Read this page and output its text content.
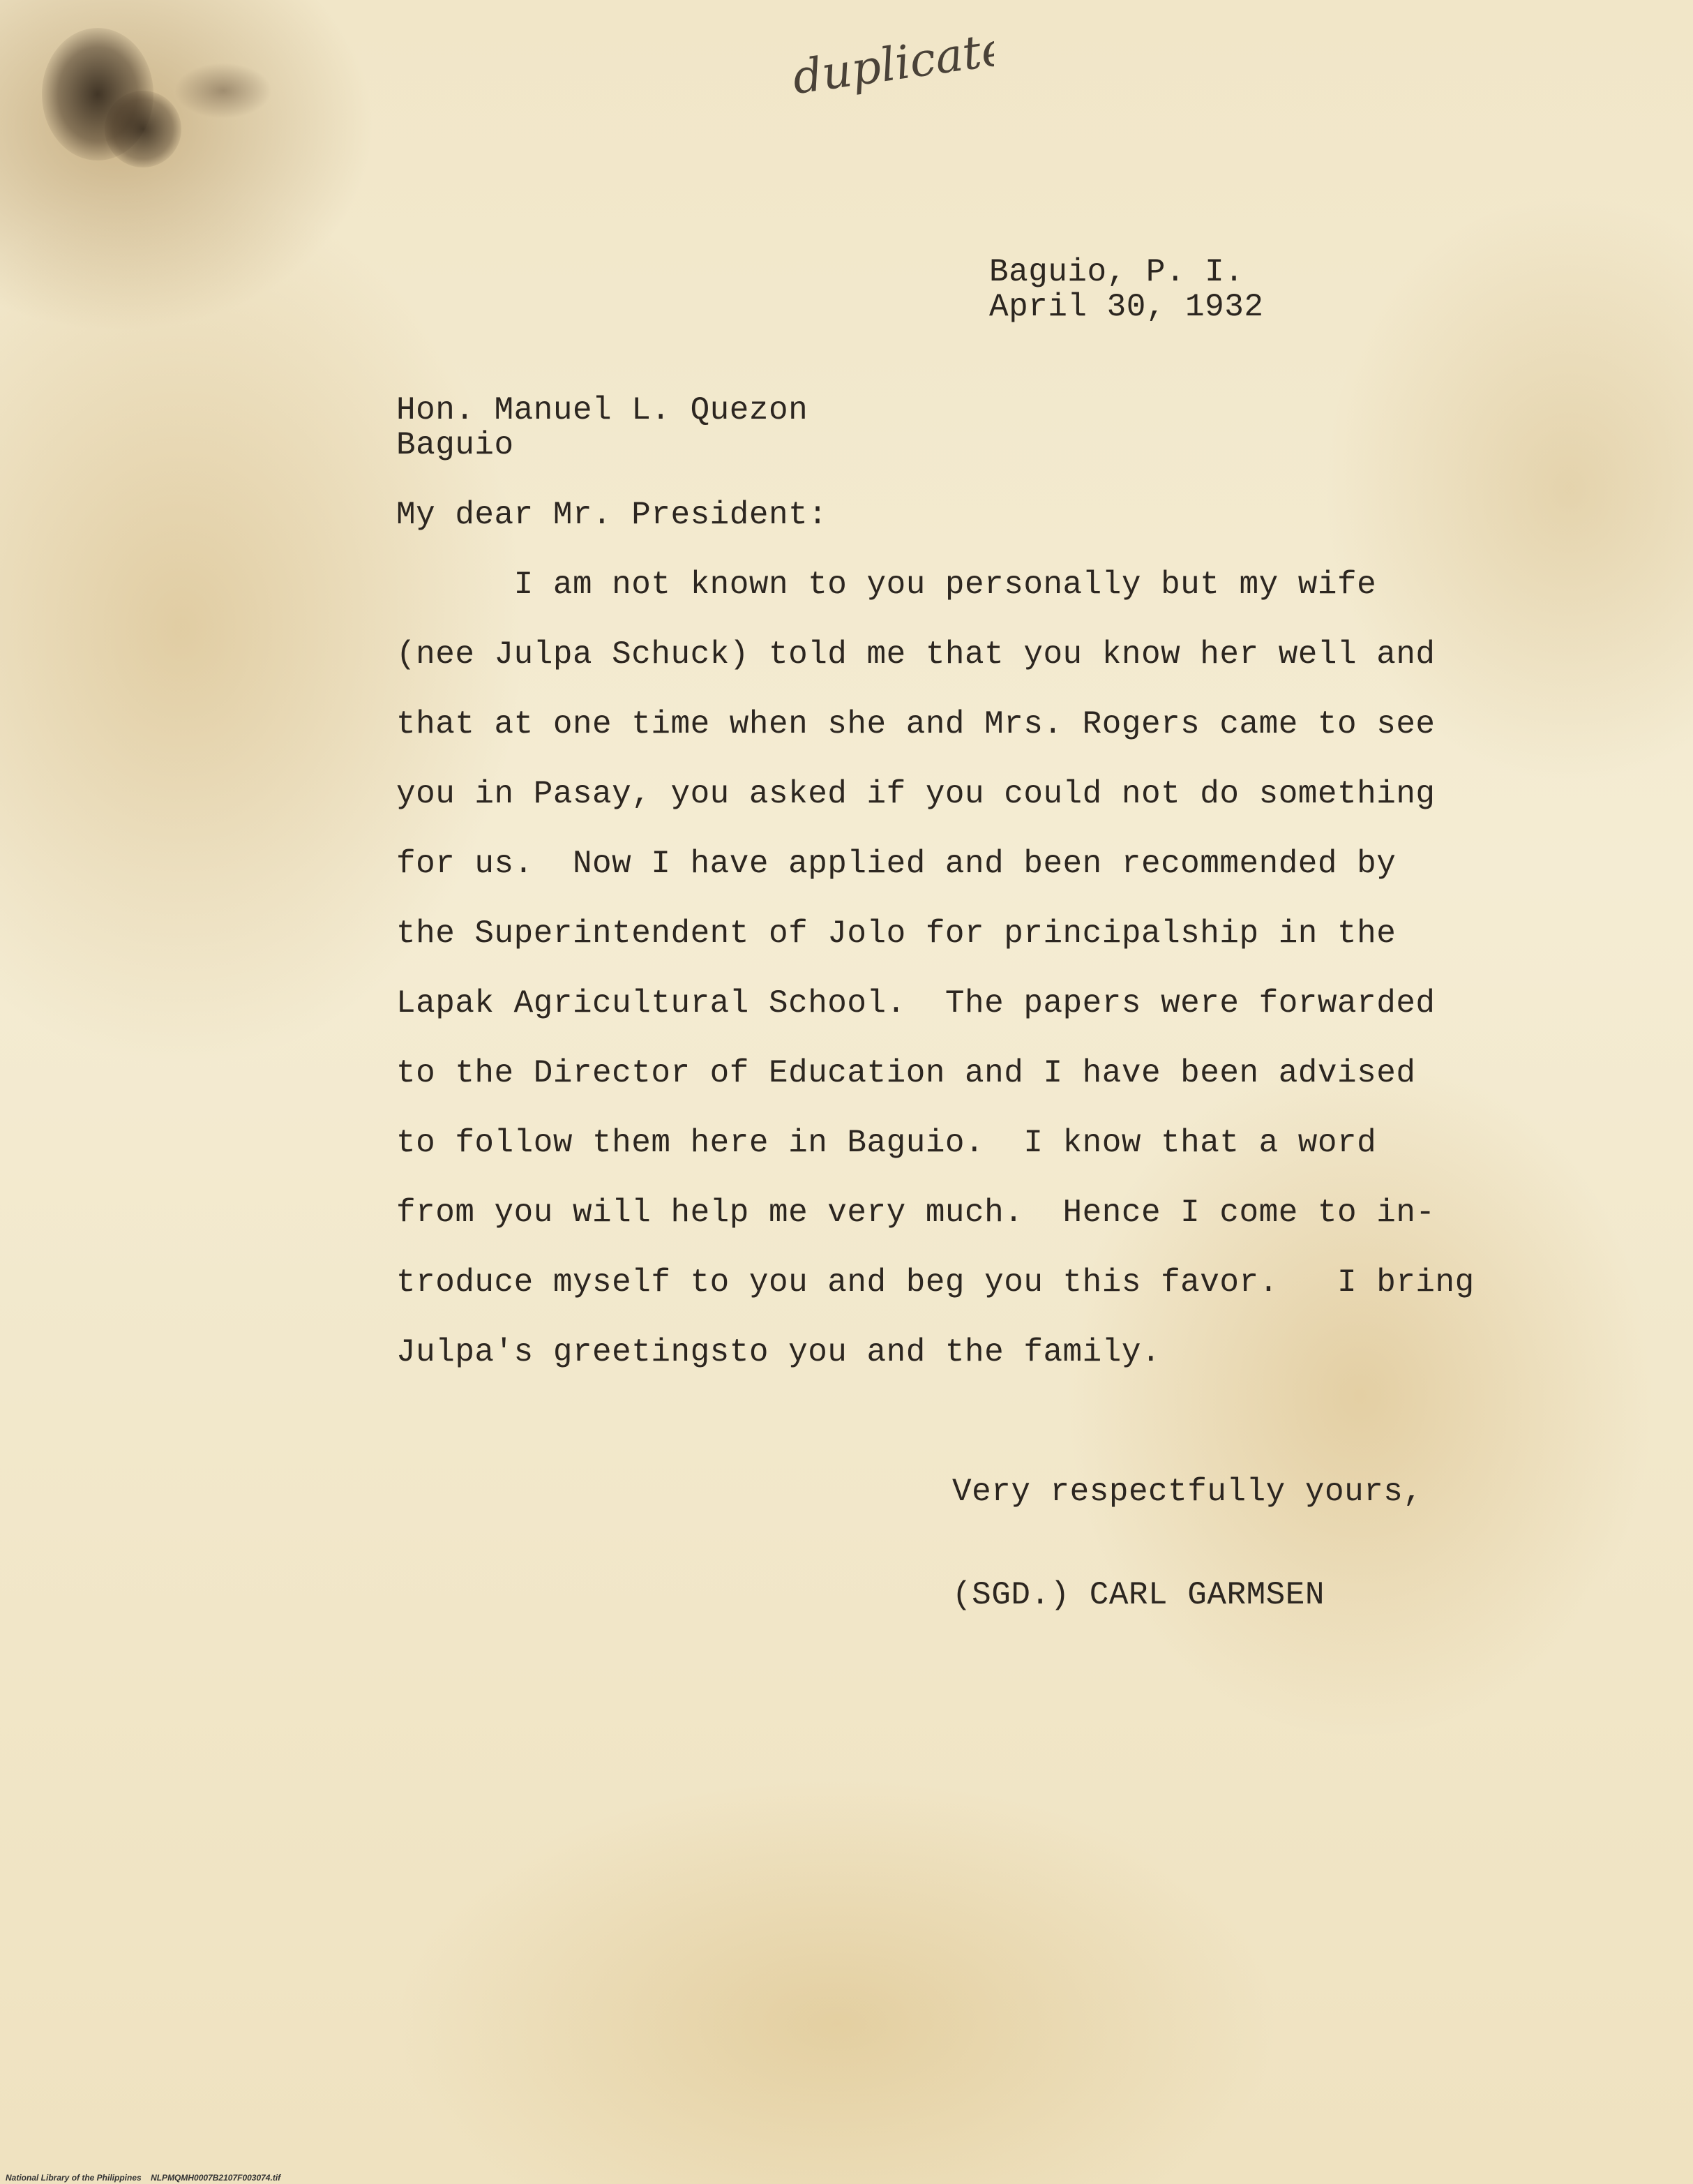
duplicate

Baguio, P. I.

April 30, 1932

Hon. Manuel L. Quezon

Baguio

My dear Mr. President:

I am not known to you personally but my wife

(nee Julpa Schuck) told me that you know her well and

that at one time when she and Mrs. Rogers came to see

you in Pasay, you asked if you could not do something

for us.  Now I have applied and been recommended by

the Superintendent of Jolo for principalship in the

Lapak Agricultural School.  The papers were forwarded

to the Director of Education and I have been advised

to follow them here in Baguio.  I know that a word

from you will help me very much.  Hence I come to in-

troduce myself to you and beg you this favor.   I bring

Julpa's greetingsto you and the family.

Very respectfully yours,

(SGD.) CARL GARMSEN

National Library of the Philippines NLPMQMH0007B2107F003074.tif
